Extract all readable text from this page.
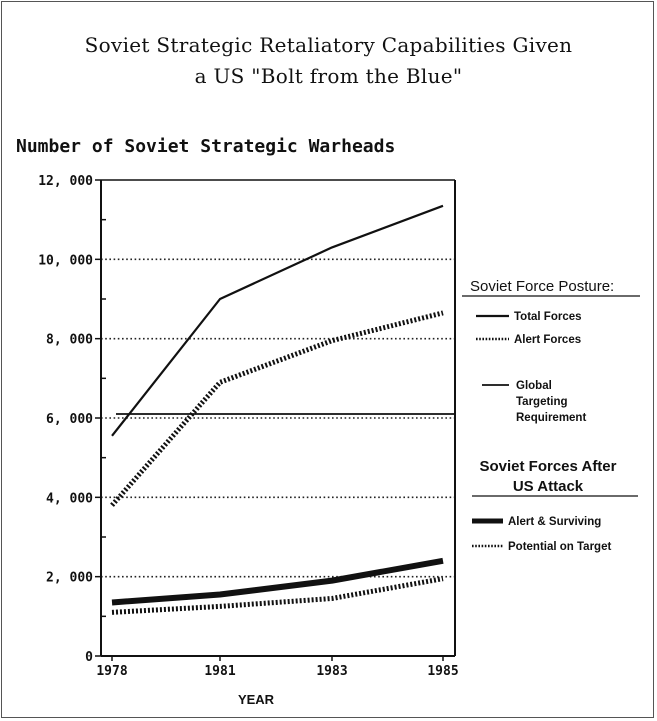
Soviet Strategic Retaliatory Capabilities Given
a US "Bolt from the Blue"
Number of Soviet Strategic Warheads
0
2, 000
4, 000
6, 000
8, 000
10, 000
12, 000
1978	1981	1983	1985
YEAR
Soviet Force Posture:
Total Forces
Alert Forces
Global
Targeting
Requirement
Soviet Forces After
US Attack
Alert & Surviving
Potential on Target
